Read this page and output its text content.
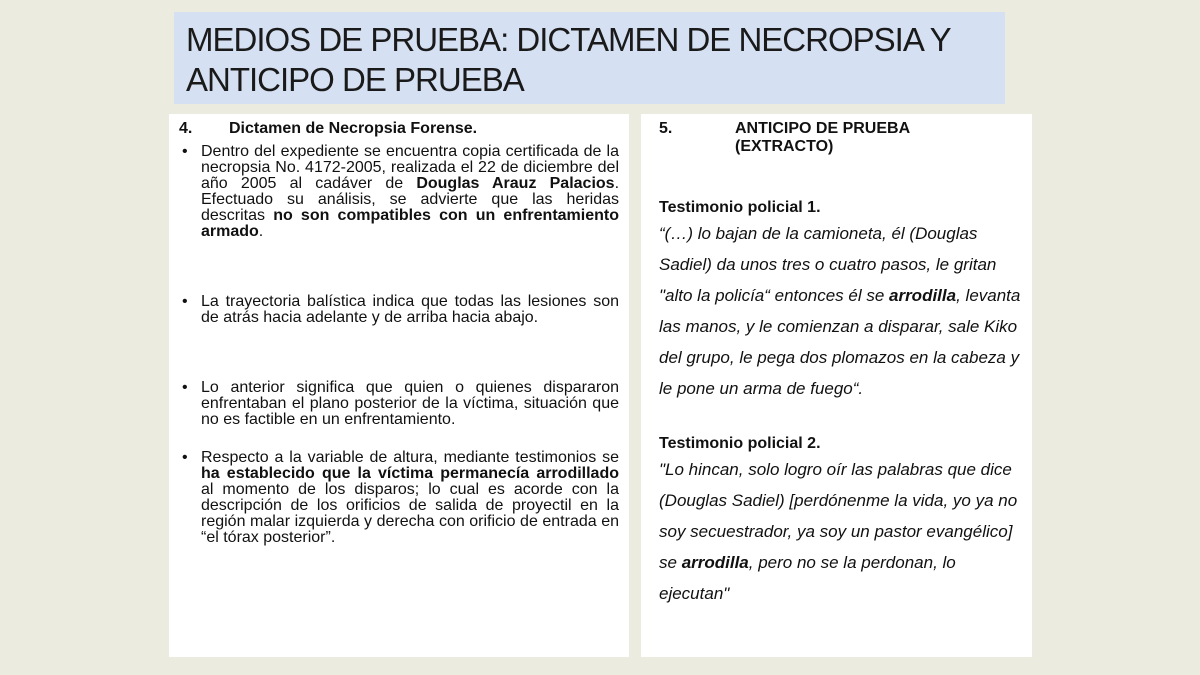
MEDIOS DE PRUEBA: DICTAMEN DE NECROPSIA Y ANTICIPO DE PRUEBA
4.	Dictamen de Necropsia Forense.
• Dentro del expediente se encuentra copia certificada de la necropsia No. 4172-2005, realizada el 22 de diciembre del año 2005 al cadáver de Douglas Arauz Palacios. Efectuado su análisis, se advierte que las heridas descritas no son compatibles con un enfrentamiento armado.
• La trayectoria balística indica que todas las lesiones son de atrás hacia adelante y de arriba hacia abajo.
• Lo anterior significa que quien o quienes dispararon enfrentaban el plano posterior de la víctima, situación que no es factible en un enfrentamiento.
• Respecto a la variable de altura, mediante testimonios se ha establecido que la víctima permanecía arrodillado al momento de los disparos; lo cual es acorde con la descripción de los orificios de salida de proyectil en la región malar izquierda y derecha con orificio de entrada en “el tórax posterior”.
5.	ANTICIPO DE PRUEBA
(EXTRACTO)
Testimonio policial 1.

“(…) lo bajan de la camioneta, él (Douglas Sadiel) da unos tres o cuatro pasos, le gritan "alto la policía“ entonces él se arrodilla, levanta las manos, y le comienzan a disparar, sale Kiko del grupo, le pega dos plomazos en la cabeza y le pone un arma de fuego“.

Testimonio policial 2.

"Lo hincan, solo logro oír las palabras que dice (Douglas Sadiel) [perdónenme la vida, yo ya no soy secuestrador, ya soy un pastor evangélico] se arrodilla, pero no se la perdonan, lo ejecutan"
